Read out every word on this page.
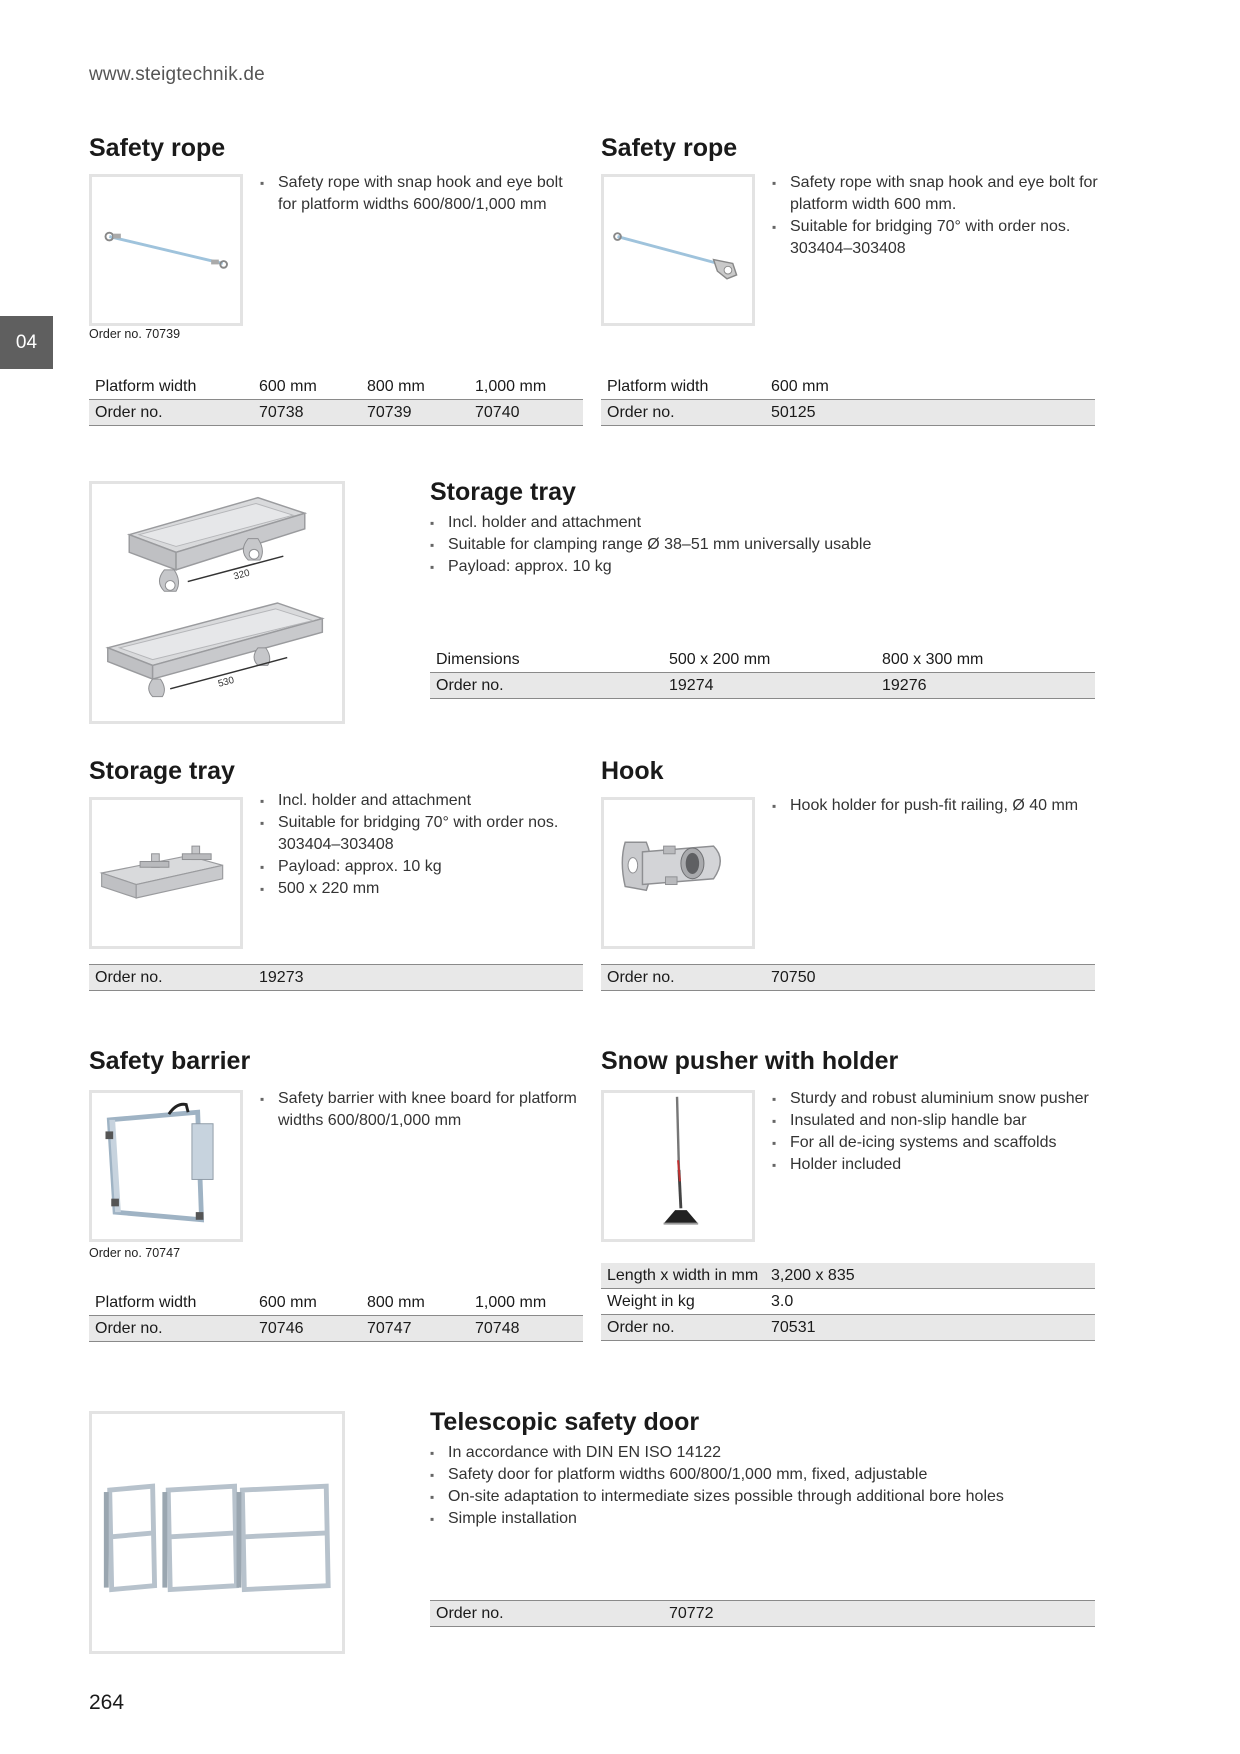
www.steigtechnik.de
04
264
Safety rope
▪ Safety rope with snap hook and eye bolt for platform widths 600/800/1,000 mm
Order no. 70739
Platform width	600 mm	800 mm	1,000 mm
Order no.	70738	70739	70740
Safety rope
▪ Safety rope with snap hook and eye bolt for platform width 600 mm.
▪ Suitable for bridging 70° with order nos. 303404–303408
Platform width	600 mm
Order no.	50125
320
530
Storage tray
▪ Incl. holder and attachment
▪ Suitable for clamping range Ø 38–51 mm universally usable
▪ Payload: approx. 10 kg
Dimensions	500 x 200 mm	800 x 300 mm
Order no.	19274	19276
Storage tray
▪ Incl. holder and attachment
▪ Suitable for bridging 70° with order nos. 303404–303408
▪ Payload: approx. 10 kg
▪ 500 x 220 mm
Order no.	19273
Hook
▪ Hook holder for push-fit railing, Ø 40 mm
Order no.	70750
Safety barrier
▪ Safety barrier with knee board for platform widths 600/800/1,000 mm
Order no. 70747
Platform width	600 mm	800 mm	1,000 mm
Order no.	70746	70747	70748
Snow pusher with holder
▪ Sturdy and robust aluminium snow pusher
▪ Insulated and non-slip handle bar
▪ For all de-icing systems and scaffolds
▪ Holder included
Length x width in mm	3,200 x 835
Weight in kg	3.0
Order no.	70531
Telescopic safety door
▪ In accordance with DIN EN ISO 14122
▪ Safety door for platform widths 600/800/1,000 mm, fixed, adjustable
▪ On-site adaptation to intermediate sizes possible through additional bore holes
▪ Simple installation
Order no.	70772
